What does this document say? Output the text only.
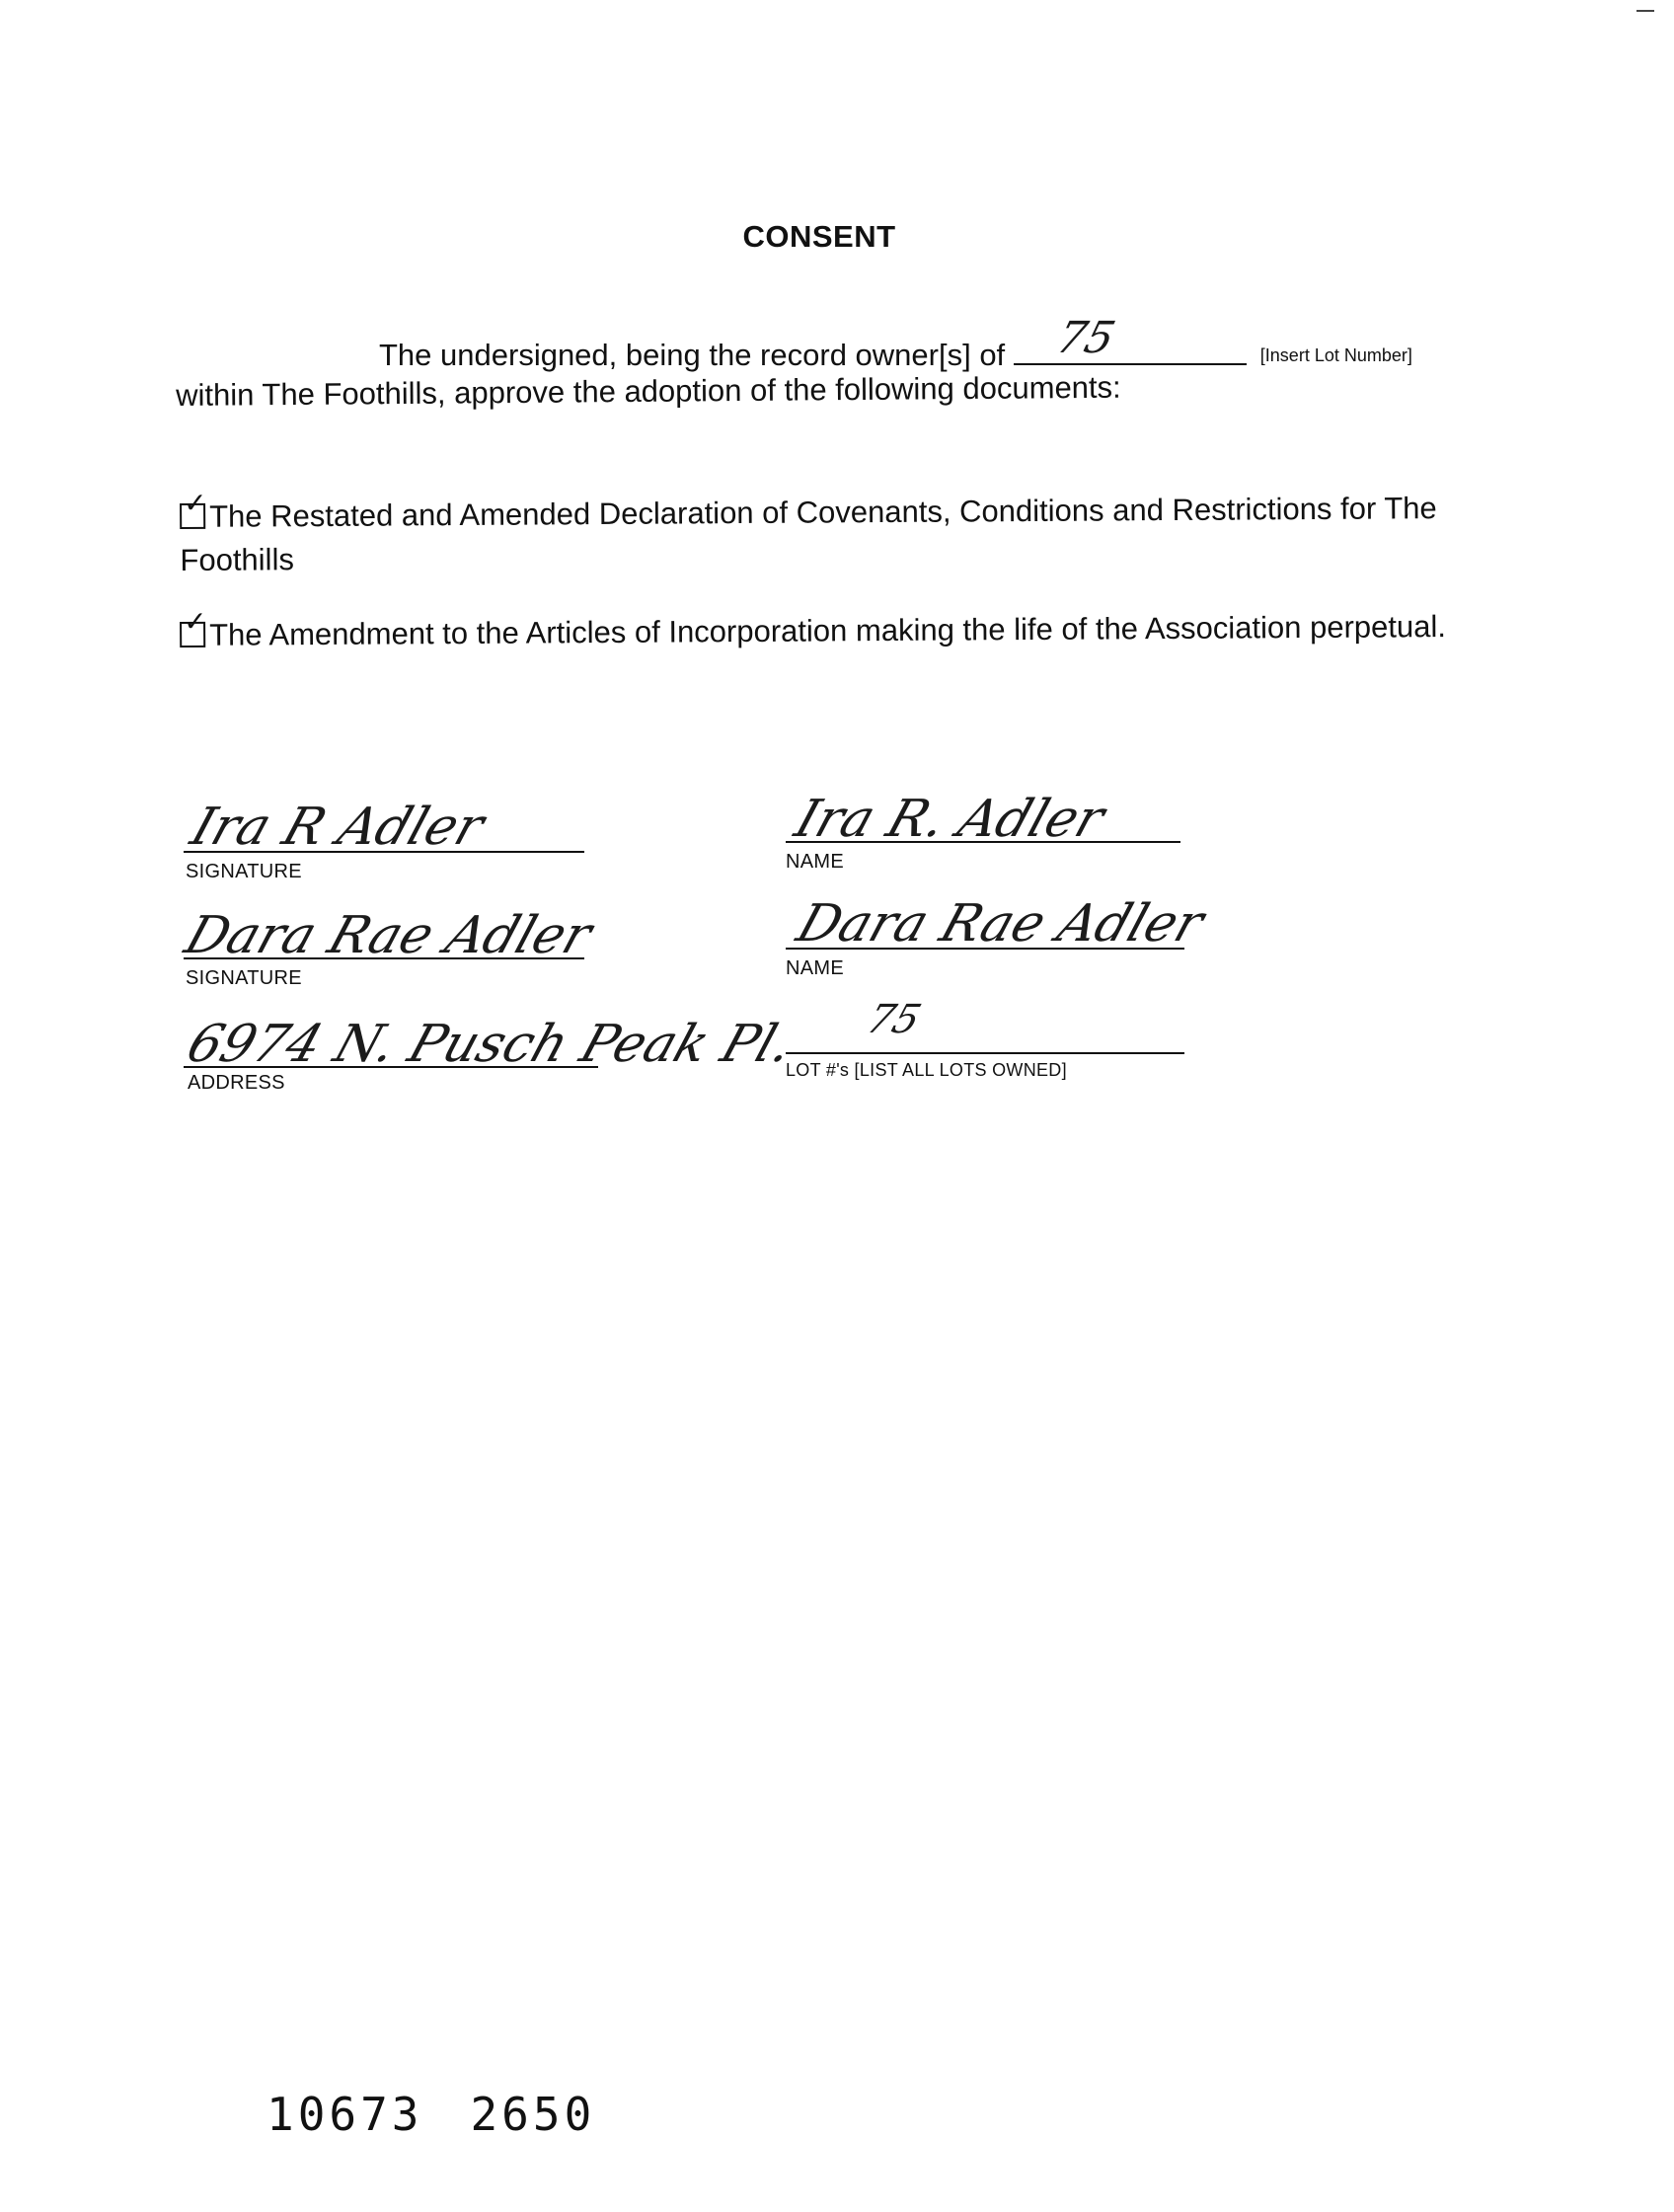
CONSENT
The undersigned, being the record owner[s] of 75	[Insert Lot Number]
within The Foothills, approve the adoption of the following documents:
✓ The Restated and Amended Declaration of Covenants, Conditions and Restrictions for The Foothills
✓ The Amendment to the Articles of Incorporation making the life of the Association perpetual.
Ira R Adler
SIGNATURE
Dara Rae Adler
SIGNATURE
6974 N. Pusch Peak Pl.
ADDRESS
Ira R. Adler
NAME
Dara Rae Adler
NAME
75
LOT #'s [LIST ALL LOTS OWNED]
10673 2650
